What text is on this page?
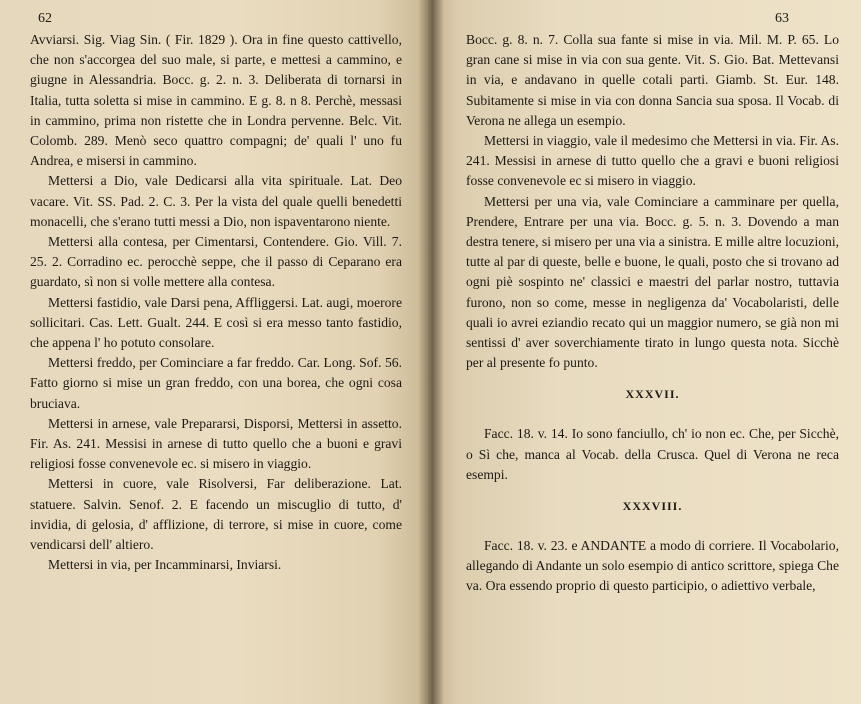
62

Avviarsi. Sig. Viag Sin. ( Fir. 1829 ). Ora in fine questo cattivello, che non s'accorgea del suo male, si parte, e mettesi a cammino, e giugne in Alessandria. Bocc. g. 2. n. 3. Deliberata di tornarsi in Italia, tutta soletta si mise in cammino. E g. 8. n 8. Perchè, messasi in cammino, prima non ristette che in Londra pervenne. Belc. Vit. Colomb. 289. Menò seco quattro compagni; de' quali l' uno fu Andrea, e misersi in cammino.

Mettersi a Dio, vale Dedicarsi alla vita spirituale. Lat. Deo vacare. Vit. SS. Pad. 2. C. 3. Per la vista del quale quelli benedetti monacelli, che s'erano tutti messi a Dio, non ispaventarono niente.

Mettersi alla contesa, per Cimentarsi, Contendere. Gio. Vill. 7. 25. 2. Corradino ec. perocchè seppe, che il passo di Ceparano era guardato, sì non si volle mettere alla contesa.

Mettersi fastidio, vale Darsi pena, Affliggersi. Lat. augi, moerore sollicitari. Cas. Lett. Gualt. 244. E così si era messo tanto fastidio, che appena l' ho potuto consolare.

Mettersi freddo, per Cominciare a far freddo. Car. Long. Sof. 56. Fatto giorno si mise un gran freddo, con una borea, che ogni cosa bruciava.

Mettersi in arnese, vale Prepararsi, Disporsi, Mettersi in assetto. Fir. As. 241. Messisi in arnese di tutto quello che a buoni e gravi religiosi fosse convenevole ec. si misero in viaggio.

Mettersi in cuore, vale Risolversi, Far deliberazione. Lat. statuere. Salvin. Senof. 2. E facendo un miscuglio di tutto, d' invidia, di gelosia, d' afflizione, di terrore, si mise in cuore, come vendicarsi dell' altiero.

Mettersi in via, per Incamminarsi, Inviarsi.

63

Bocc. g. 8. n. 7. Colla sua fante si mise in via. Mil. M. P. 65. Lo gran cane si mise in via con sua gente. Vit. S. Gio. Bat. Mettevansi in via, e andavano in quelle cotali parti. Giamb. St. Eur. 148. Subitamente si mise in via con donna Sancia sua sposa. Il Vocab. di Verona ne allega un esempio.

Mettersi in viaggio, vale il medesimo che Mettersi in via. Fir. As. 241. Messisi in arnese di tutto quello che a gravi e buoni religiosi fosse convenevole ec si misero in viaggio.

Mettersi per una via, vale Cominciare a camminare per quella, Prendere, Entrare per una via. Bocc. g. 5. n. 3. Dovendo a man destra tenere, si misero per una via a sinistra. E mille altre locuzioni, tutte al par di queste, belle e buone, le quali, posto che si trovano ad ogni piè sospinto ne' classici e maestri del parlar nostro, tuttavia furono, non so come, messe in negligenza da' Vocabolaristi, delle quali io avrei eziandio recato qui un maggior numero, se già non mi sentissi d' aver soverchiamente tirato in lungo questa nota. Sicchè per al presente fo punto.

XXXVII.

Facc. 18. v. 14. Io sono fanciullo, ch' io non ec. Che, per Sicchè, o Sì che, manca al Vocab. della Crusca. Quel di Verona ne reca esempi.

XXXVIII.

Facc. 18. v. 23. e ANDANTE a modo di corriere. Il Vocabolario, allegando di Andante un solo esempio di antico scrittore, spiega Che va. Ora essendo proprio di questo participio, o adiettivo verbale,
